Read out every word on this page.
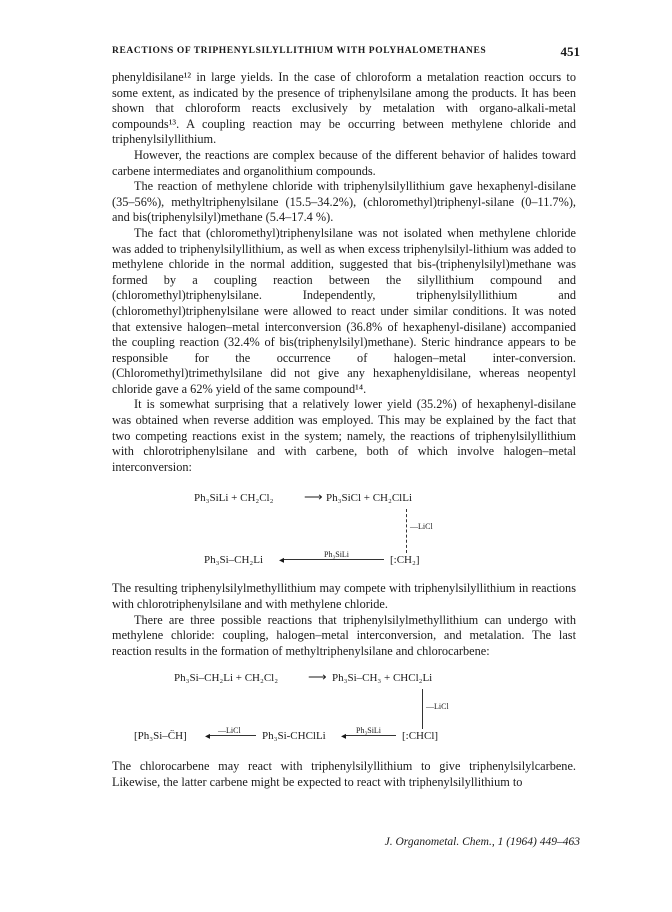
REACTIONS OF TRIPHENYLSILYLLITHIUM WITH POLYHALOMETHANES	451

phenyldisilane¹² in large yields. In the case of chloroform a metalation reaction occurs to some extent, as indicated by the presence of triphenylsilane among the products. It has been shown that chloroform reacts exclusively by metalation with organo-alkali-metal compounds¹³. A coupling reaction may be occurring between methylene chloride and triphenylsilyllithium.

However, the reactions are complex because of the different behavior of halides toward carbene intermediates and organolithium compounds.

The reaction of methylene chloride with triphenylsilyllithium gave hexaphenyl-disilane (35–56%), methyltriphenylsilane (15.5–34.2%), (chloromethyl)triphenyl-silane (0–11.7%), and bis(triphenylsilyl)methane (5.4–17.4 %).

The fact that (chloromethyl)triphenylsilane was not isolated when methylene chloride was added to triphenylsilyllithium, as well as when excess triphenylsilyl-lithium was added to methylene chloride in the normal addition, suggested that bis-(triphenylsilyl)methane was formed by a coupling reaction between the silyllithium compound and (chloromethyl)triphenylsilane. Independently, triphenylsilyllithium and (chloromethyl)triphenylsilane were allowed to react under similar conditions. It was noted that extensive halogen–metal interconversion (36.8% of hexaphenyl-disilane) accompanied the coupling reaction (32.4% of bis(triphenylsilyl)methane). Steric hindrance appears to be responsible for the occurrence of halogen–metal inter-conversion. (Chloromethyl)trimethylsilane did not give any hexaphenyldisilane, whereas neopentyl chloride gave a 62% yield of the same compound¹⁴.

It is somewhat surprising that a relatively lower yield (35.2%) of hexaphenyl-disilane was obtained when reverse addition was employed. This may be explained by the fact that two competing reactions exist in the system; namely, the reactions of triphenylsilyllithium with chlorotriphenylsilane and with carbene, both of which involve halogen–metal interconversion:

Ph₃SiLi + CH₂Cl₂ ⟶ Ph₃SiCl + CH₂ClLi
—LiCl
[:CH₂]
◂
Ph₃SiLi
Ph₃Si–CH₂Li

The resulting triphenylsilylmethyllithium may compete with triphenylsilyllithium in reactions with chlorotriphenylsilane and with methylene chloride.

There are three possible reactions that triphenylsilylmethyllithium can undergo with methylene chloride: coupling, halogen–metal interconversion, and metalation. The last reaction results in the formation of methyltriphenylsilane and chlorocarbene:

Ph₃Si–CH₂Li + CH₂Cl₂ ⟶ Ph₃Si–CH₃ + CHCl₂Li
—LiCl
[:CHCl]
◂
Ph₃SiLi
Ph₃Si-CHClLi
◂
—LiCl
[Ph₃Si–C̈H]

The chlorocarbene may react with triphenylsilyllithium to give triphenylsilylcarbene. Likewise, the latter carbene might be expected to react with triphenylsilyllithium to

J. Organometal. Chem., 1 (1964) 449–463
